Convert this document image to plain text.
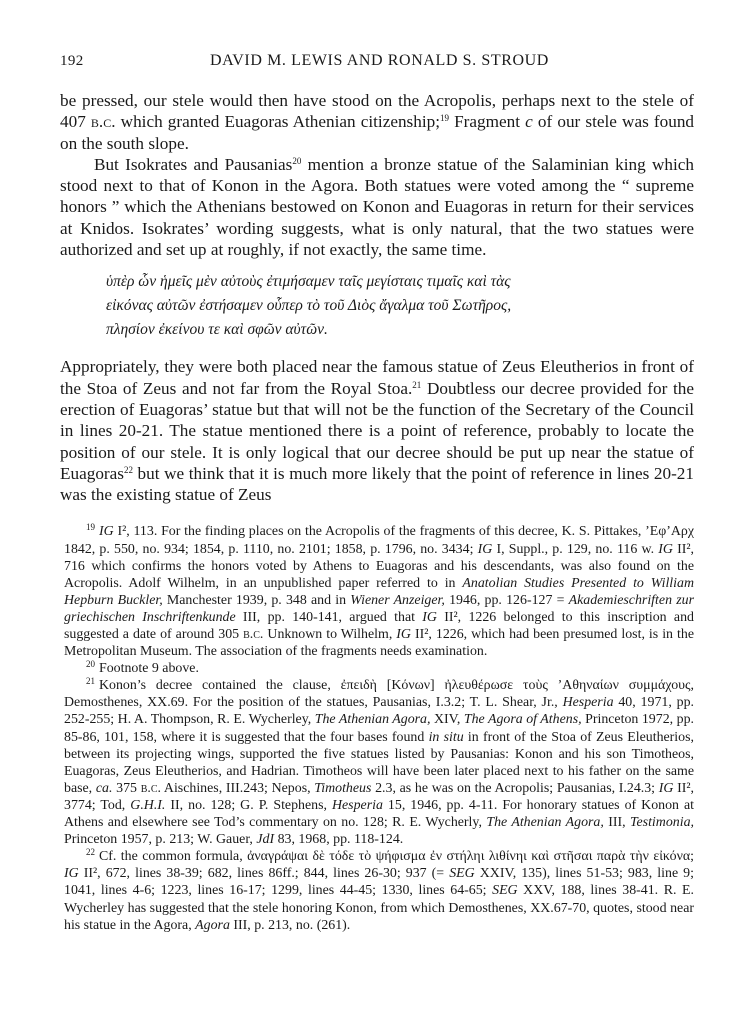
192	DAVID M. LEWIS AND RONALD S. STROUD

be pressed, our stele would then have stood on the Acropolis, perhaps next to the stele of 407 b.c. which granted Euagoras Athenian citizenship;$^{19}$ Fragment c of our stele was found on the south slope.

But Isokrates and Pausanias$^{20}$ mention a bronze statue of the Salaminian king which stood next to that of Konon in the Agora. Both statues were voted among the “ supreme honors ” which the Athenians bestowed on Konon and Euagoras in return for their services at Knidos. Isokrates’ wording suggests, what is only natural, that the two statues were authorized and set up at roughly, if not exactly, the same time.

ὑπὲρ ὧν ἡμεῖς μὲν αὐτοὺς ἐτιμήσαμεν ταῖς μεγίσταις τιμαῖς καὶ τὰς
εἰκόνας αὐτῶν ἐστήσαμεν οὗπερ τὸ τοῦ Διὸς ἄγαλμα τοῦ Σωτῆρος,
πλησίον ἐκείνου τε καὶ σφῶν αὐτῶν.

Appropriately, they were both placed near the famous statue of Zeus Eleutherios in front of the Stoa of Zeus and not far from the Royal Stoa.$^{21}$ Doubtless our decree provided for the erection of Euagoras’ statue but that will not be the function of the Secretary of the Council in lines 20-21. The statue mentioned there is a point of reference, probably to locate the position of our stele. It is only logical that our decree should be put up near the statue of Euagoras$^{22}$ but we think that it is much more likely that the point of reference in lines 20-21 was the existing statue of Zeus

$^{19}$ IG I², 113. For the finding places on the Acropolis of the fragments of this decree, K. S. Pittakes, ’Εφ’Αρχ 1842, p. 550, no. 934; 1854, p. 1110, no. 2101; 1858, p. 1796, no. 3434; IG I, Suppl., p. 129, no. 116 w. IG II², 716 which confirms the honors voted by Athens to Euagoras and his descendants, was also found on the Acropolis. Adolf Wilhelm, in an unpublished paper referred to in Anatolian Studies Presented to William Hepburn Buckler, Manchester 1939, p. 348 and in Wiener Anzeiger, 1946, pp. 126-127 = Akademieschriften zur griechischen Inschriftenkunde III, pp. 140-141, argued that IG II², 1226 belonged to this inscription and suggested a date of around 305 b.c. Unknown to Wilhelm, IG II², 1226, which had been presumed lost, is in the Metropolitan Museum. The association of the fragments needs examination.

$^{20}$ Footnote 9 above.

$^{21}$ Konon’s decree contained the clause, ἐπειδὴ [Κόνων] ἠλευθέρωσε τοὺς ’Αθηναίων συμμάχους, Demosthenes, XX.69. For the position of the statues, Pausanias, I.3.2; T. L. Shear, Jr., Hesperia 40, 1971, pp. 252-255; H. A. Thompson, R. E. Wycherley, The Athenian Agora, XIV, The Agora of Athens, Princeton 1972, pp. 85-86, 101, 158, where it is suggested that the four bases found in situ in front of the Stoa of Zeus Eleutherios, between its projecting wings, supported the five statues listed by Pausanias: Konon and his son Timotheos, Euagoras, Zeus Eleutherios, and Hadrian. Timotheos will have been later placed next to his father on the same base, ca. 375 b.c. Aischines, III.243; Nepos, Timotheus 2.3, as he was on the Acropolis; Pausanias, I.24.3; IG II², 3774; Tod, G.H.I. II, no. 128; G. P. Stephens, Hesperia 15, 1946, pp. 4-11. For honorary statues of Konon at Athens and elsewhere see Tod’s commentary on no. 128; R. E. Wycherly, The Athenian Agora, III, Testimonia, Princeton 1957, p. 213; W. Gauer, JdI 83, 1968, pp. 118-124.

$^{22}$ Cf. the common formula, ἀναγράψαι δὲ τόδε τὸ ψήφισμα ἐν στήληι λιθίνηι καὶ στῆσαι παρὰ τὴν εἰκόνα; IG II², 672, lines 38-39; 682, lines 86ff.; 844, lines 26-30; 937 (= SEG XXIV, 135), lines 51-53; 983, line 9; 1041, lines 4-6; 1223, lines 16-17; 1299, lines 44-45; 1330, lines 64-65; SEG XXV, 188, lines 38-41. R. E. Wycherley has suggested that the stele honoring Konon, from which Demosthenes, XX.67-70, quotes, stood near his statue in the Agora, Agora III, p. 213, no. (261).
